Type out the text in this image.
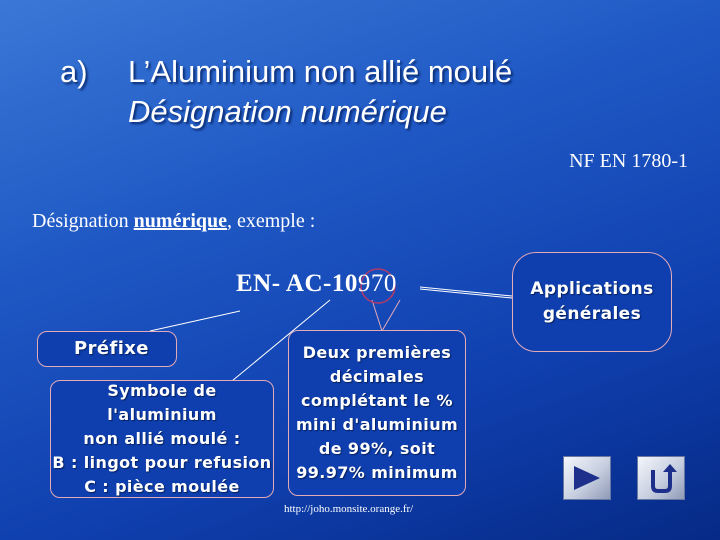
a) L’Aluminium non allié moulé
Désignation numérique
NF EN 1780-1
Désignation numérique, exemple :
EN- AC-10970
Préfixe
Symbole de l'aluminium
non allié moulé :
B : lingot pour refusion
C : pièce moulée
Deux premières
décimales
complétant le %
mini d'aluminium
de 99%, soit
99.97% minimum
Applications
générales
http://joho.monsite.orange.fr/
